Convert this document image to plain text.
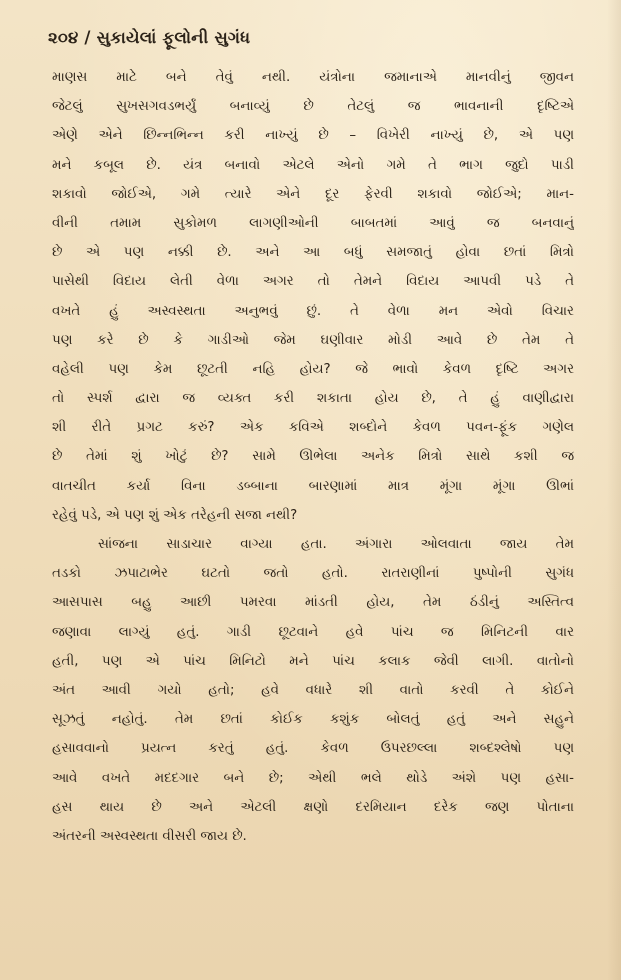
૨૦૪ / સુકાયેલાં ફૂલોની સુગંધ
માણસ માટે બને તેવું નથી. યંત્રોના જમાનાએ માનવીનું જીવન
જેટલું સુખસગવડભર્યું બનાવ્યું છે તેટલું જ ભાવનાની દૃષ્ટિએ
એણે એને છિન્નભિન્ન કરી નાખ્યું છે – વિખેરી નાખ્યું છે, એ પણ
મને કબૂલ છે. યંત્ર બનાવો એટલે એનો ગમે તે ભાગ જુદો પાડી
શકાવો જોઈએ, ગમે ત્યારે એને દૂર ફેરવી શકાવો જોઈએ; માન-
વીની તમામ સુકોમળ લાગણીઓની બાબતમાં આવું જ બનવાનું
છે એ પણ નક્કી છે. અને આ બધું સમજાતું હોવા છતાં મિત્રો
પાસેથી વિદાય લેતી વેળા અગર તો તેમને વિદાય આપવી પડે તે
વખતે હું અસ્વસ્થતા અનુભવું છું. તે વેળા મન એવો વિચાર
પણ કરે છે કે ગાડીઓ જેમ ઘણીવાર મોડી આવે છે તેમ તે
વહેલી પણ કેમ છૂટતી નહિ હોય? જે ભાવો કેવળ દૃષ્ટિ અગર
તો સ્પર્શ દ્વારા જ વ્યક્ત કરી શકાતા હોય છે, તે હું વાણીદ્વારા
શી રીતે પ્રગટ કરું? એક કવિએ શબ્દોને કેવળ પવન-ફૂંક ગણેલ
છે તેમાં શું ખોટું છે? સામે ઊભેલા અનેક મિત્રો સાથે કશી જ
વાતચીત કર્યા વિના ડબ્બાના બારણામાં માત્ર મૂંગા મૂંગા ઊભાં
રહેવું પડે, એ પણ શું એક તરેહની સજા નથી?
સાંજના સાડાચાર વાગ્યા હતા. અંગારા ઓલવાતા જાય તેમ
તડકો ઝપાટાભેર ઘટતો જતો હતો. રાતરાણીનાં પુષ્પોની સુગંધ
આસપાસ બહુ આછી પમરવા માંડતી હોય, તેમ ઠંડીનું અસ્તિત્વ
જણાવા લાગ્યું હતું. ગાડી છૂટવાને હવે પાંચ જ મિનિટની વાર
હતી, પણ એ પાંચ મિનિટો મને પાંચ કલાક જેવી લાગી. વાતોનો
અંત આવી ગયો હતો; હવે વધારે શી વાતો કરવી તે કોઈને
સૂઝતું નહોતું. તેમ છતાં કોઈક કશુંક બોલતું હતું અને સહુને
હસાવવાનો પ્રયત્ન કરતું હતું. કેવળ ઉપરછલ્લા શબ્દશ્લેષો પણ
આવે વખતે મદદગાર બને છે; એથી ભલે થોડે અંશે પણ હસા-
હસ થાય છે અને એટલી ક્ષણો દરમિયાન દરેક જણ પોતાના
અંતરની અસ્વસ્થતા વીસરી જાય છે.
